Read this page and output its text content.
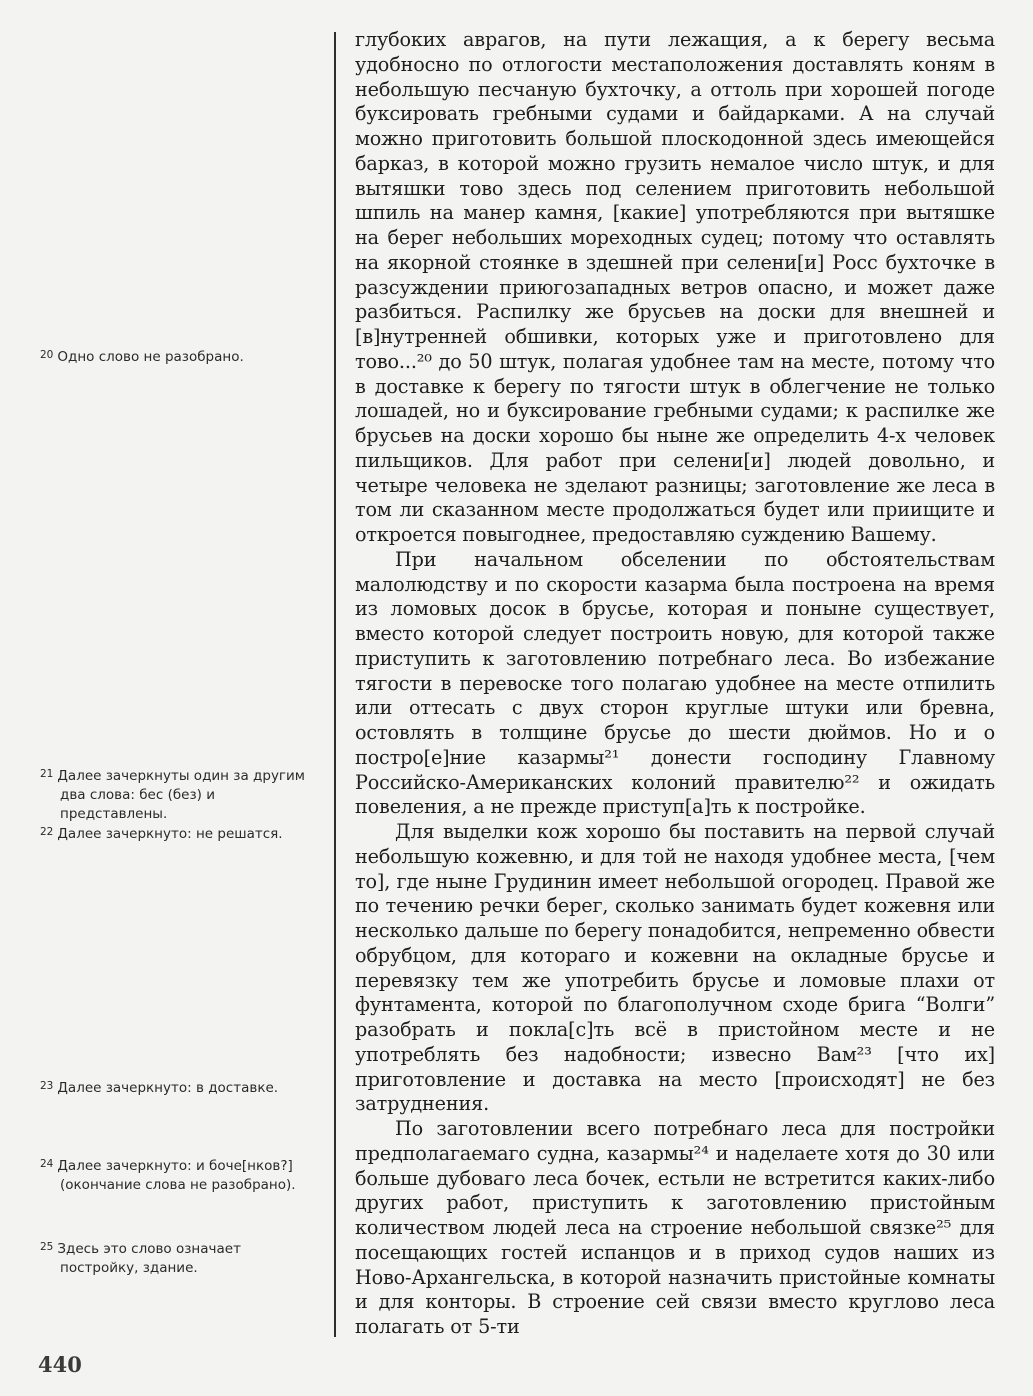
глубоких аврагов, на пути лежащия, а к берегу весьма удобносно по отлогости местаположения доставлять коням в небольшую песчаную бухточку, а оттоль при хорошей погоде буксировать гребными судами и байдарками. А на случай можно приготовить большой плоскодонной здесь имеющейся барказ, в которой можно грузить немалое число штук, и для вытяшки тово здесь под селением приготовить небольшой шпиль на манер камня, [какие] употребляются при вытяшке на берег небольших мореходных судец; потому что оставлять на якорной стоянке в здешней при селени[и] Росс бухточке в разсуждении приюгозападных ветров опасно, и может даже разбиться. Распилку же брусьев на доски для внешней и [в]нутренней обшивки, которых уже и приготовлено для тово...²⁰ до 50 штук, полагая удобнее там на месте, потому что в доставке к берегу по тягости штук в облегчение не только лошадей, но и буксирование гребными судами; к распилке же брусьев на доски хорошо бы ныне же определить 4-х человек пильщиков. Для работ при селени[и] людей довольно, и четыре человека не зделают разницы; заготовление же леса в том ли сказанном месте продолжаться будет или приищите и откроется повыгоднее, предоставляю суждению Вашему.

При начальном обселении по обстоятельствам малолюдству и по скорости казарма была построена на время из ломовых досок в брусье, которая и поныне существует, вместо которой следует построить новую, для которой также приступить к заготовлению потребнаго леса. Во избежание тягости в перевоске того полагаю удобнее на месте отпилить или оттесать с двух сторон круглые штуки или бревна, остовлять в толщине брусье до шести дюймов. Но и о постро[е]ние казармы²¹ донести господину Главному Российско-Американских колоний правителю²² и ожидать повеления, а не прежде приступ[а]ть к постройке.

Для выделки кож хорошо бы поставить на первой случай небольшую кожевню, и для той не находя удобнее места, [чем то], где ныне Грудинин имеет небольшой огородец. Правой же по течению речки берег, сколько занимать будет кожевня или несколько дальше по берегу понадобится, непременно обвести обрубцом, для котораго и кожевни на окладные брусье и перевязку тем же употребить брусье и ломовые плахи от фунтамента, которой по благополучном сходе брига “Волги” разобрать и покла[с]ть всё в пристойном месте и не употреблять без надобности; извесно Вам²³ [что их] приготовление и доставка на место [происходят] не без затруднения.

По заготовлении всего потребнаго леса для постройки предполагаемаго судна, казармы²⁴ и наделаете хотя до 30 или больше дубоваго леса бочек, естьли не встретится каких-либо других работ, приступить к заготовлению пристойным количеством людей леса на строение небольшой связке²⁵ для посещающих гостей испанцов и в приход судов наших из Ново-Архангельска, в которой назначить пристойные комнаты и для конторы. В строение сей связи вместо круглово леса полагать от 5-ти

$^{20}$ Одно слово не разобрано.
$^{21}$ Далее зачеркнуты один за другим два слова: бес (без) и представлены.
$^{22}$ Далее зачеркнуто: не решатся.
$^{23}$ Далее зачеркнуто: в доставке.
$^{24}$ Далее зачеркнуто: и боче[нков?] (окончание слова не разобрано).
$^{25}$ Здесь это слово означает постройку, здание.
440
